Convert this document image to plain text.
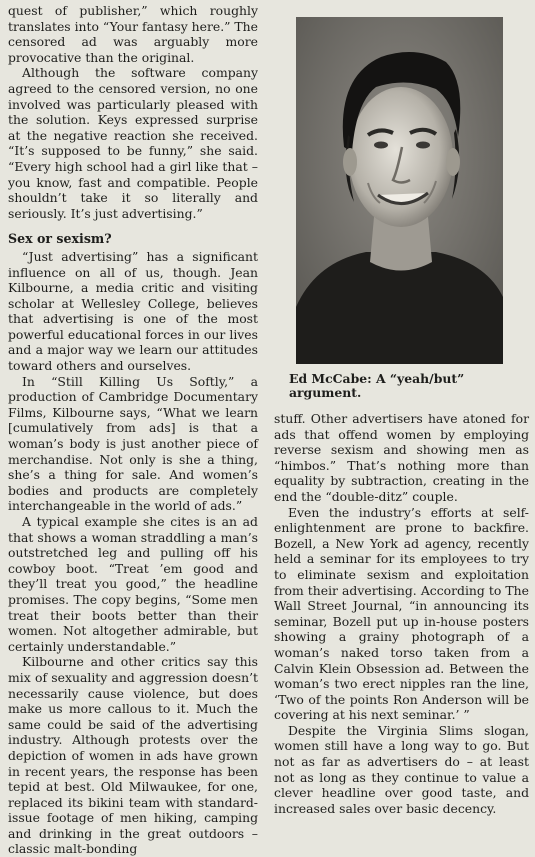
quest of publisher,” which roughly translates into “Your fantasy here.” The censored ad was arguably more provocative than the original.

Although the software company agreed to the censored version, no one involved was particularly pleased with the solution. Keys expressed surprise at the negative reaction she received. “It’s supposed to be funny,” she said. “Every high school had a girl like that – you know, fast and compatible. People shouldn’t take it so literally and seriously. It’s just advertising.”

Sex or sexism?

“Just advertising” has a significant influence on all of us, though. Jean Kilbourne, a media critic and visiting scholar at Wellesley College, believes that advertising is one of the most powerful educational forces in our lives and a major way we learn our attitudes toward others and ourselves.

In “Still Killing Us Softly,” a production of Cambridge Documentary Films, Kilbourne says, “What we learn [cumulatively from ads] is that a woman’s body is just another piece of merchandise. Not only is she a thing, she’s a thing for sale. And women’s bodies and products are completely interchangeable in the world of ads.”

A typical example she cites is an ad that shows a woman straddling a man’s outstretched leg and pulling off his cowboy boot. “Treat ’em good and they’ll treat you good,” the headline promises. The copy begins, “Some men treat their boots better than their women. Not altogether admirable, but certainly understandable.”

Kilbourne and other critics say this mix of sexuality and aggression doesn’t necessarily cause violence, but does make us more callous to it. Much the same could be said of the advertising industry. Although protests over the depiction of women in ads have grown in recent years, the response has been tepid at best. Old Milwaukee, for one, replaced its bikini team with standard-issue footage of men hiking, camping and drinking in the great outdoors – classic malt-bonding

Ed McCabe: A “yeah/but” argument.

stuff. Other advertisers have atoned for ads that offend women by employing reverse sexism and showing men as “himbos.” That’s nothing more than equality by subtraction, creating in the end the “double-ditz” couple.

Even the industry’s efforts at self-enlightenment are prone to backfire. Bozell, a New York ad agency, recently held a seminar for its employees to try to eliminate sexism and exploitation from their advertising. According to The Wall Street Journal, “in announcing its seminar, Bozell put up in-house posters showing a grainy photograph of a woman’s naked torso taken from a Calvin Klein Obsession ad. Between the woman’s two erect nipples ran the line, ‘Two of the points Ron Anderson will be covering at his next seminar.’ ”

Despite the Virginia Slims slogan, women still have a long way to go. But not as far as advertisers do – at least not as long as they continue to value a clever headline over good taste, and increased sales over basic decency.
